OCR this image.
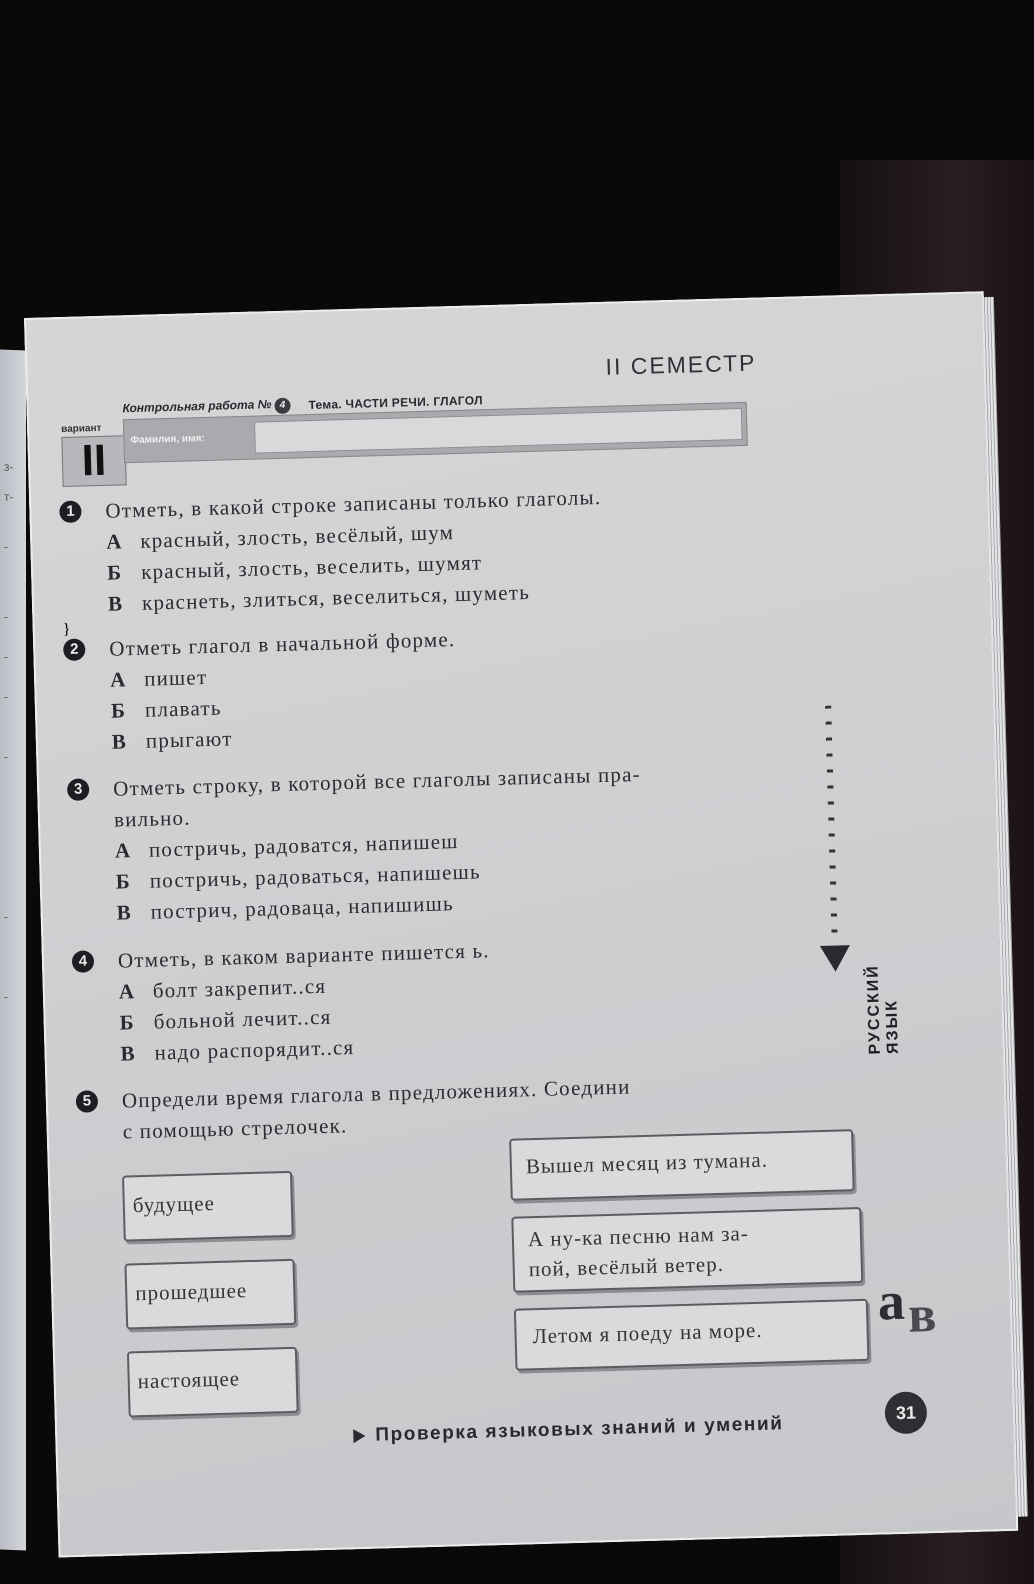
з-
т-
-
-
-
-
-
-
-
II СЕМЕСТР
Контрольная работа № 4	Тема. ЧАСТИ РЕЧИ. ГЛАГОЛ
вариант
II	Фамилия, имя:
1	Отметь, в какой строке записаны только глаголы.
А красный, злость, весёлый, шум
Б красный, злость, веселить, шумят
В краснеть, злиться, веселиться, шуметь
}
2	Отметь глагол в начальной форме.
А пишет
Б плавать
В прыгают
3	Отметь строку, в которой все глаголы записаны пра-
вильно.
А постричь, радоватся, напишеш
Б постричь, радоваться, напишешь
В пострич, радоваца, напишишь
4	Отметь, в каком варианте пишется ь.
А болт закрепит..ся
Б больной лечит..ся
В надо распорядит..ся
5	Определи время глагола в предложениях. Соедини
с помощью стрелочек.
будущее
прошедшее
настоящее
Вышел месяц из тумана.
А ну-ка песню нам за-
пой, весёлый ветер.
Летом я поеду на море.
РУССКИЙ ЯЗЫК
а в
Проверка языковых знаний и умений
31
